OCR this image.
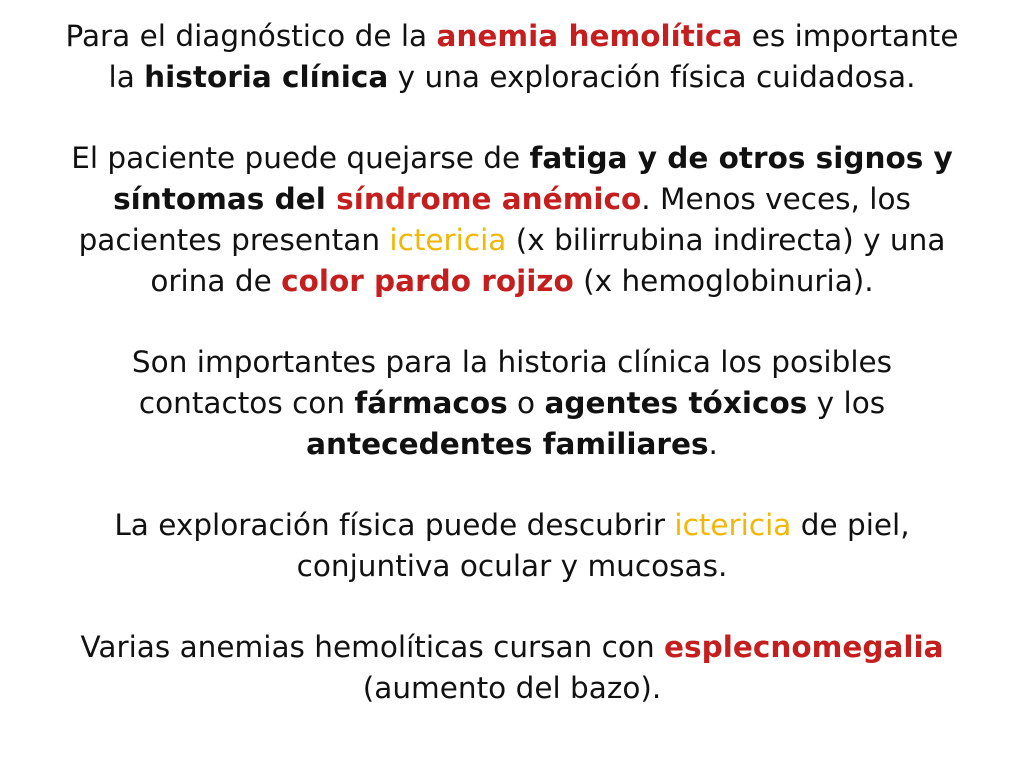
Para el diagnóstico de la anemia hemolítica es importante la historia clínica y una exploración física cuidadosa.

El paciente puede quejarse de fatiga y de otros signos y síntomas del síndrome anémico. Menos veces, los pacientes presentan ictericia (x bilirrubina indirecta) y una orina de color pardo rojizo (x hemoglobinuria).

Son importantes para la historia clínica los posibles contactos con fármacos o agentes tóxicos y los antecedentes familiares.

La exploración física puede descubrir ictericia de piel, conjuntiva ocular y mucosas.

Varias anemias hemolíticas cursan con esplecnomegalia (aumento del bazo).
